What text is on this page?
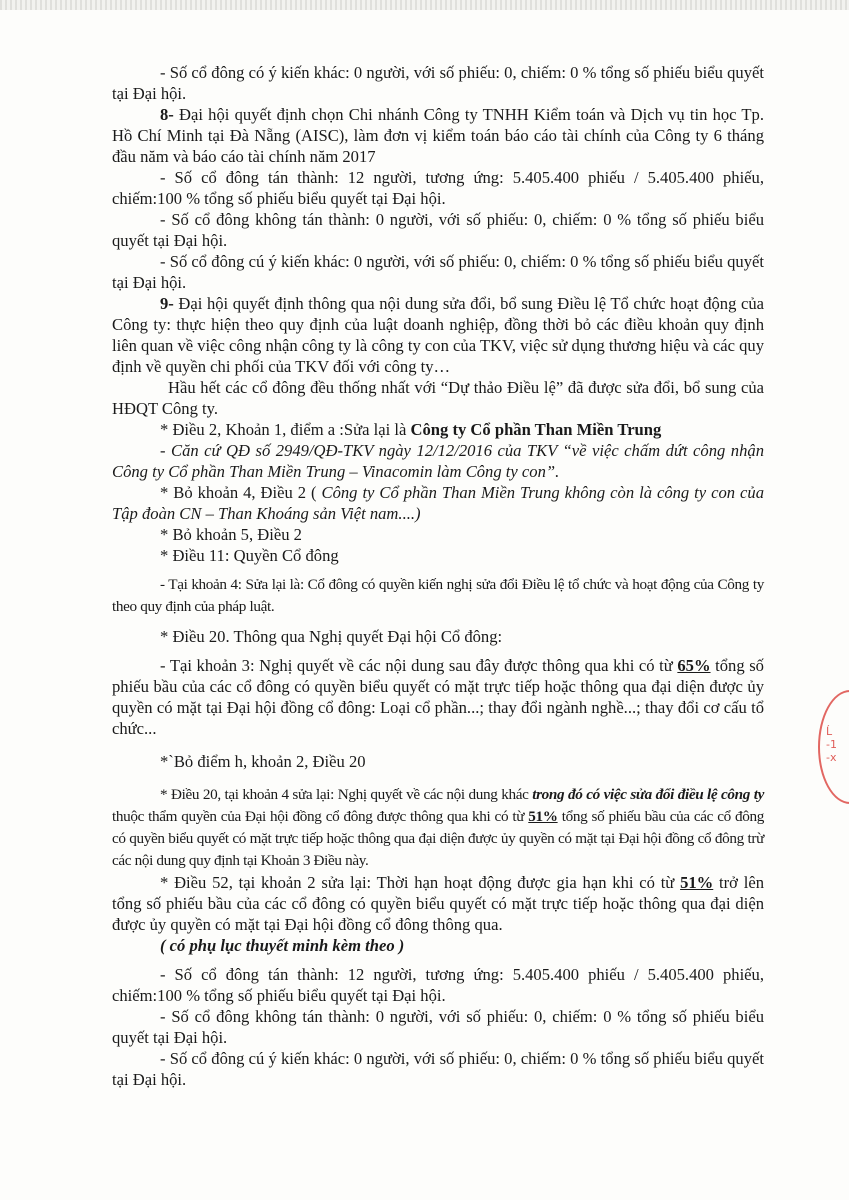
- Số cổ đông có ý kiến khác: 0 người, với số phiếu: 0, chiếm: 0 % tổng số phiếu biểu quyết tại Đại hội.

8- Đại hội quyết định chọn Chi nhánh Công ty TNHH Kiểm toán và Dịch vụ tin học Tp. Hồ Chí Minh tại Đà Nẵng (AISC), làm đơn vị kiểm toán báo cáo tài chính của Công ty 6 tháng đầu năm và báo cáo tài chính năm 2017

- Số cổ đông tán thành: 12 người, tương ứng: 5.405.400 phiếu / 5.405.400 phiếu, chiếm:100 % tổng số phiếu biểu quyết tại Đại hội.

- Số cổ đông không tán thành: 0 người, với số phiếu: 0, chiếm: 0 % tổng số phiếu biểu quyết tại Đại hội.

- Số cổ đông cú ý kiến khác: 0 người, với số phiếu: 0, chiếm: 0 % tổng số phiếu biểu quyết tại Đại hội.

9- Đại hội quyết định thông qua nội dung sửa đổi, bổ sung Điều lệ Tổ chức hoạt động của Công ty: thực hiện theo quy định của luật doanh nghiệp, đồng thời bỏ các điều khoản quy định liên quan về việc công nhận công ty là công ty con của TKV, việc sử dụng thương hiệu và các quy định về quyền chi phối của TKV đối với công ty…

Hầu hết các cổ đông đều thống nhất với “Dự thảo Điều lệ” đã được sửa đổi, bổ sung của HĐQT Công ty.

* Điều 2, Khoản 1, điểm a :Sửa lại là Công ty Cổ phần Than Miền Trung

- Căn cứ QĐ số 2949/QĐ-TKV ngày 12/12/2016 của TKV “về việc chấm dứt công nhận Công ty Cổ phần Than Miền Trung – Vinacomin làm Công ty con”.

* Bỏ khoản 4, Điều 2 ( Công ty Cổ phần Than Miền Trung không còn là công ty con của Tập đoàn CN – Than Khoáng sản Việt nam....)

* Bỏ khoản 5, Điều 2

* Điều 11: Quyền Cổ đông

- Tại khoản 4: Sửa lại là: Cổ đông có quyền kiến nghị sửa đổi Điều lệ tổ chức và hoạt động của Công ty theo quy định của pháp luật.

* Điều 20. Thông qua Nghị quyết Đại hội Cổ đông:

- Tại khoản 3: Nghị quyết về các nội dung sau đây được thông qua khi có từ 65% tổng số phiếu bầu của các cổ đông có quyền biểu quyết có mặt trực tiếp hoặc thông qua đại diện được ủy quyền có mặt tại Đại hội đồng cổ đông: Loại cổ phần...; thay đổi ngành nghề...; thay đổi cơ cấu tổ chức...

*`Bỏ điểm h, khoản 2, Điều 20

* Điều 20, tại khoản 4 sửa lại: Nghị quyết về các nội dung khác trong đó có việc sửa đổi điều lệ công ty thuộc thẩm quyền của Đại hội đồng cổ đông được thông qua khi có từ 51% tổng số phiếu bầu của các cổ đông có quyền biểu quyết có mặt trực tiếp hoặc thông qua đại diện được ủy quyền có mặt tại Đại hội đồng cổ đông trừ các nội dung quy định tại Khoản 3 Điều này.

* Điều 52, tại khoản 2 sửa lại: Thời hạn hoạt động được gia hạn khi có từ 51% trở lên tổng số phiếu bầu của các cổ đông có quyền biểu quyết có mặt trực tiếp hoặc thông qua đại diện được ủy quyền có mặt tại Đại hội đồng cổ đông thông qua.

( có phụ lục thuyết minh kèm theo )

- Số cổ đông tán thành: 12 người, tương ứng: 5.405.400 phiếu / 5.405.400 phiếu, chiếm:100 % tổng số phiếu biểu quyết tại Đại hội.

- Số cổ đông không tán thành: 0 người, với số phiếu: 0, chiếm: 0 % tổng số phiếu biểu quyết tại Đại hội.

- Số cổ đông cú ý kiến khác: 0 người, với số phiếu: 0, chiếm: 0 % tổng số phiếu biểu quyết tại Đại hội.

Ĺ
-1
-x
